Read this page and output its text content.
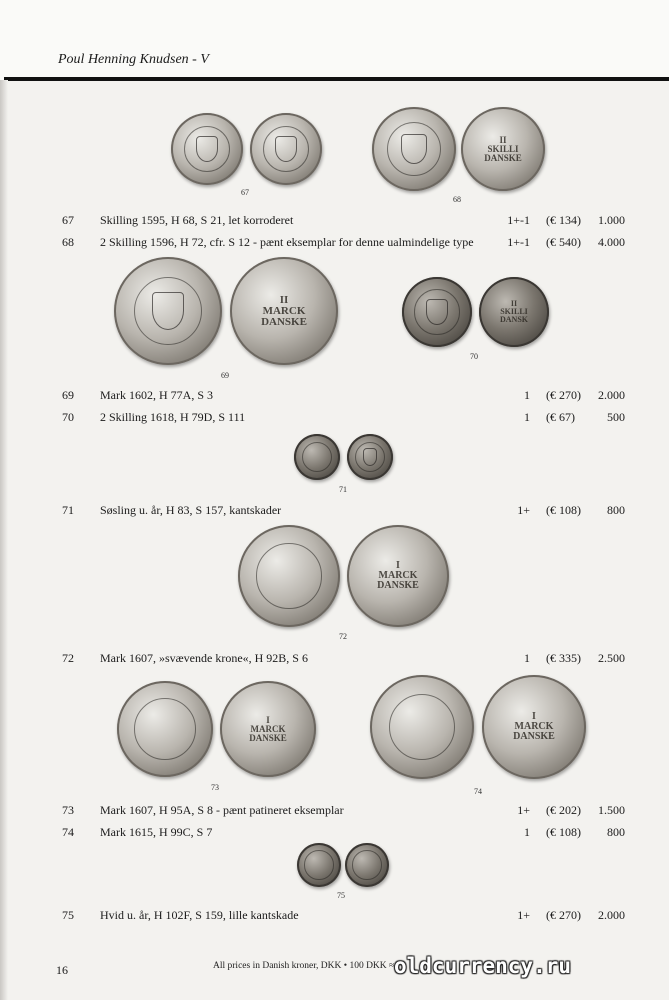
Poul Henning Knudsen - V
67
II
SKILLI
DANSKE
68
67 Skilling 1595, H 68, S 21, let korroderet	1+-1 (€ 134) 1.000
68 2 Skilling 1596, H 72, cfr. S 12 - pænt eksemplar for denne ualmindelige type	1+-1 (€ 540) 4.000
II
MARCK
DANSKE
69
II
SKILLI
DANSK
70
69 Mark 1602, H 77A, S 3	1 (€ 270) 2.000
70 2 Skilling 1618, H 79D, S 111	1 (€ 67)	500
71
71 Søsling u. år, H 83, S 157, kantskader	1+ (€ 108) 800
I
MARCK
DANSKE
72
72 Mark 1607, »svævende krone«, H 92B, S 6	1 (€ 335) 2.500
I
MARCK
DANSKE
73
I
MARCK
DANSKE
74
73 Mark 1607, H 95A, S 8 - pænt patineret eksemplar	1+ (€ 202) 1.500
74 Mark 1615, H 99C, S 7	1 (€ 108) 800
75
75 Hvid u. år, H 102F, S 159, lille kantskade	1+ (€ 270) 2.000
16	All prices in Danish kroner, DKK • 100 DKK ≈ oldcurrency.ru
